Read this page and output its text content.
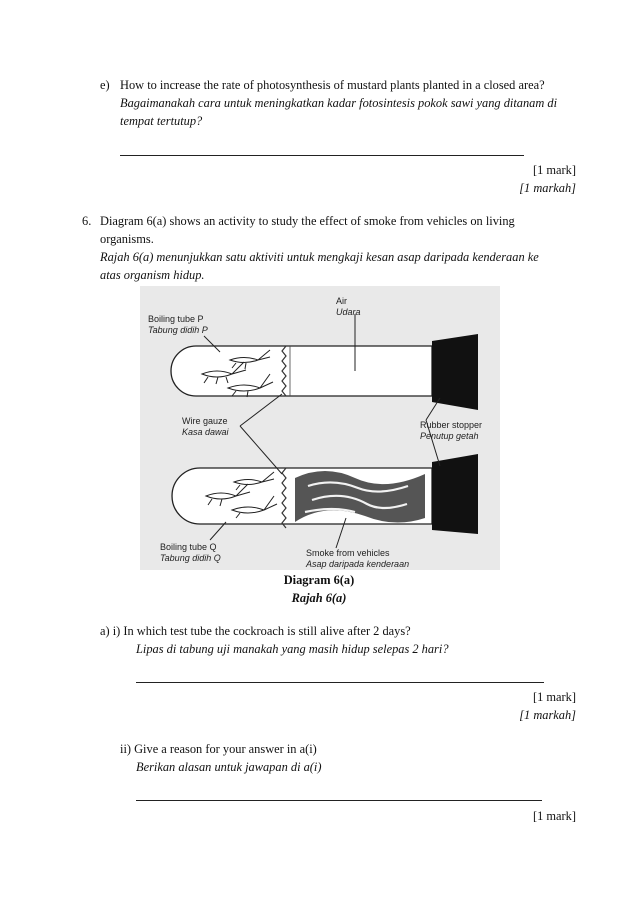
e) How to increase the rate of photosynthesis of mustard plants planted in a closed area?
Bagaimanakah cara untuk meningkatkan kadar fotosintesis pokok sawi yang ditanam di
tempat tertutup?
[1 mark]
[1 markah]
6. Diagram 6(a) shows an activity to study the effect of smoke from vehicles on living
organisms.
Rajah 6(a) menunjukkan satu aktiviti untuk mengkaji kesan asap daripada kenderaan ke
atas organism hidup.
Air
Udara
Boiling tube P
Tabung didih P
Wire gauze
Kasa dawai
Rubber stopper
Penutup getah
Boiling tube Q
Tabung didih Q	Smoke from vehicles
Asap daripada kenderaan
Diagram 6(a)
Rajah 6(a)
a) i) In which test tube the cockroach is still alive after 2 days?
Lipas di tabung uji manakah yang masih hidup selepas 2 hari?
[1 mark]
[1 markah]
ii) Give a reason for your answer in a(i)
Berikan alasan untuk jawapan di a(i)
[1 mark]
